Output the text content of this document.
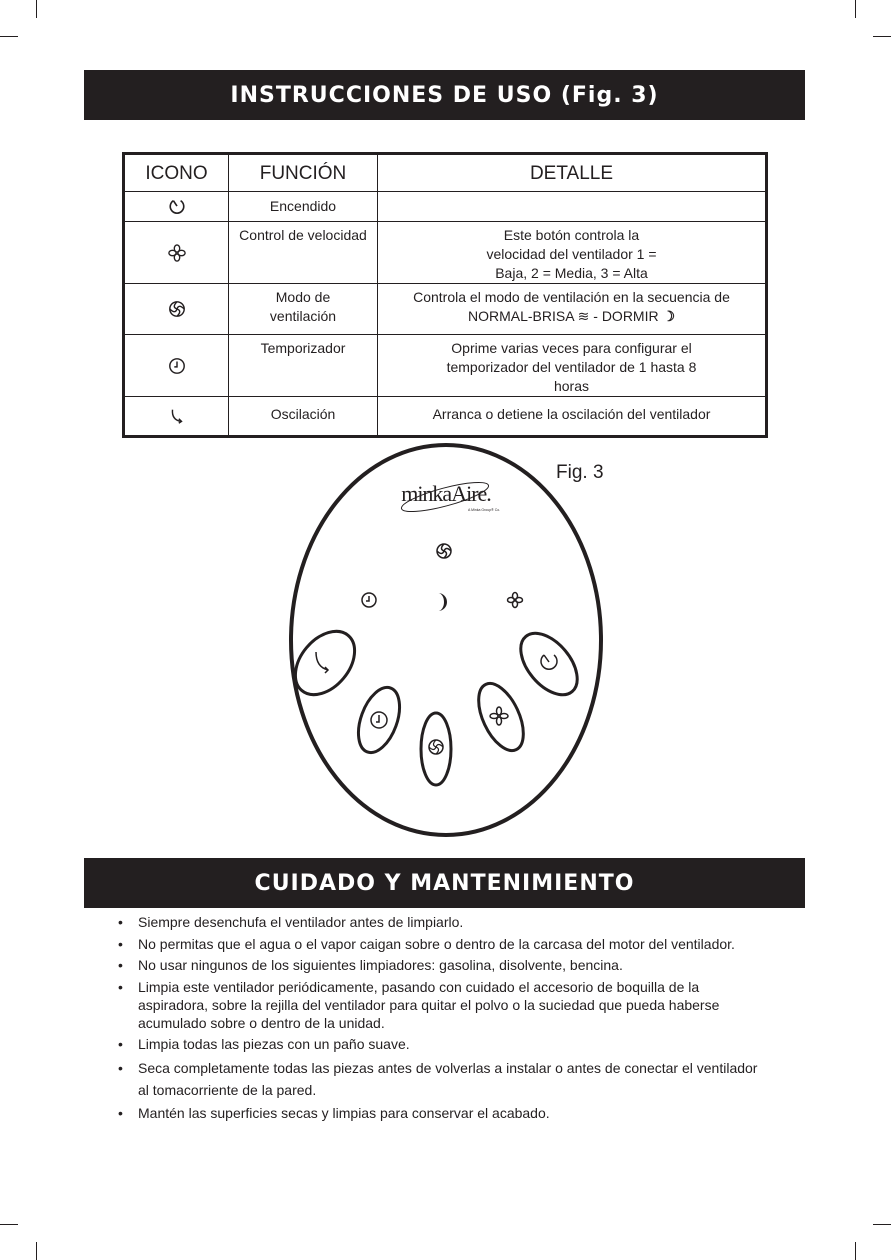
INSTRUCCIONES DE USO (Fig. 3)
ICONO	FUNCIÓN	DETALLE

	Encendido	

	Control de velocidad	Este botón controla la velocidad del ventilador 1 = Baja, 2 = Media, 3 = Alta

	Modo de ventilación	Controla el modo de ventilación en la secuencia de NORMAL-BRISA ≋ - DORMIR ☽

	Temporizador	Oprime varias veces para configurar el temporizador del ventilador de 1 hasta 8 horas

	Oscilación	Arranca o detiene la oscilación del ventilador
Fig. 3
minkaAire.
A Minka Group® Co.
CUIDADO Y MANTENIMIENTO
• Siempre desenchufa el ventilador antes de limpiarlo.
• No permitas que el agua o el vapor caigan sobre o dentro de la carcasa del motor del ventilador.
• No usar ningunos de los siguientes limpiadores: gasolina, disolvente, bencina.
• Limpia este ventilador periódicamente, pasando con cuidado el accesorio de boquilla de la aspiradora, sobre la rejilla del ventilador para quitar el polvo o la suciedad que pueda haberse acumulado sobre o dentro de la unidad.
• Limpia todas las piezas con un paño suave.
• Seca completamente todas las piezas antes de volverlas a instalar o antes de conectar el ventilador al tomacorriente de la pared.
• Mantén las superficies secas y limpias para conservar el acabado.
